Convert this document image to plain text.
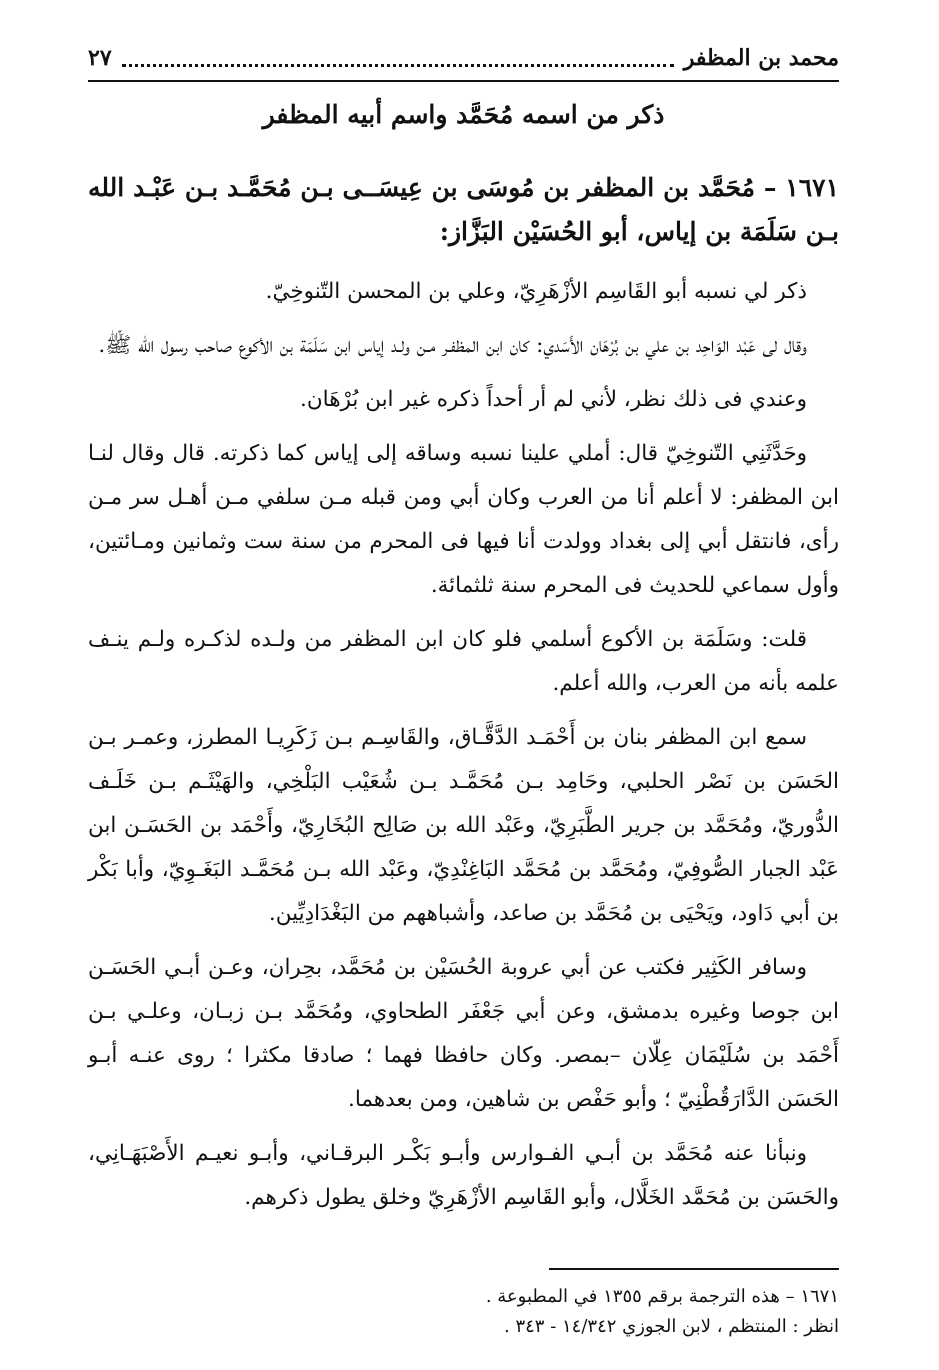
محمد بن المظفر
٢٧
ذكر من اسمه مُحَمَّد واسم أبيه المظفر
١٦٧١ – مُحَمَّد بن المظفر بن مُوسَى بن عِيسَــى بـن مُحَمَّـد بـن عَبْـد الله بـن سَلَمَة بن إياس، أبو الحُسَيْن البَزَّاز:

ذكر لي نسبه أبو القَاسِم الأزْهَرِيّ، وعلي بن المحسن التّنوخِيّ.

وقال لى عَبْد الوَاحِد بن علي بن بُرْهَان الأَسَدي: كان ابن المظفـر مـن ولـد إياس ابن سَلَمَة بن الأكوع صاحب رسول الله ﷺ.

وعندي فى ذلك نظر، لأني لم أر أحداً ذكره غير ابن بُرْهَان.

وحَدَّثَنِي التّنوخِيّ قال: أملي علينا نسبه وساقه إلى إياس كما ذكرته. قال وقال لنـا ابن المظفر: لا أعلم أنا من العرب وكان أبي ومن قبله مـن سلفي مـن أهـل سر مـن رأى، فانتقل أبي إلى بغداد وولدت أنا فيها فى المحرم من سنة ست وثمانين ومـائتين، وأول سماعي للحديث فى المحرم سنة ثلثمائة.

قلت: وسَلَمَة بن الأكوع أسلمي فلو كان ابن المظفر من ولـده لذكـره ولـم ينـف علمه بأنه من العرب، والله أعلم.

سمع ابن المظفر بنان بن أَحْمَـد الدَّقَّـاق، والقَاسِـم بـن زَكَرِيـا المطرز، وعمـر بـن الحَسَن بن نَصْر الحلبي، وحَامِد بـن مُحَمَّـد بـن شُعَيْب البَلْخِي، والهَيْثَـم بـن خَلَـف الدُّوريّ، ومُحَمَّد بن جرير الطَّبَرِيّ، وعَبْد الله بن صَالِح البُخَارِيّ، وأَحْمَد بن الحَسَـن ابن عَبْد الجبار الصُّوفِيّ، ومُحَمَّد بن مُحَمَّد البَاغِنْدِيّ، وعَبْد الله بـن مُحَمَّـد البَغَـوِيّ، وأبا بَكْر بن أبي دَاود، ويَحْيَى بن مُحَمَّد بن صاعد، وأشباههم من البَغْدَادِيِّين.

وسافر الكَثِير فكتب عن أبي عروبة الحُسَيْن بن مُحَمَّد، بحِران، وعـن أبـي الحَسَـن ابن جوصا وغيره بدمشق، وعن أبي جَعْفَر الطحاوي، ومُحَمَّد بـن زبـان، وعلـي بـن أَحْمَد بن سُلَيْمَان عِلّان –بمصر. وكان حافظا فهما ؛ صادقا مكثرا ؛ روى عنـه أبـو الحَسَن الدَّارَقُطْنِيّ ؛ وأبو حَفْص بن شاهين، ومن بعدهما.

ونبأنا عنه مُحَمَّد بن أبـي الفـوارس وأبـو بَكْـر البرقـاني، وأبـو نعيـم الأَصْبَهَـانِي، والحَسَن بن مُحَمَّد الخَلَّال، وأبو القَاسِم الأزْهَرِيّ وخلق يطول ذكرهم.

١٦٧١ – هذه الترجمة برقم ١٣٥٥ في المطبوعة .
انظر : المنتظم ، لابن الجوزي ١٤/٣٤٢ - ٣٤٣ .
